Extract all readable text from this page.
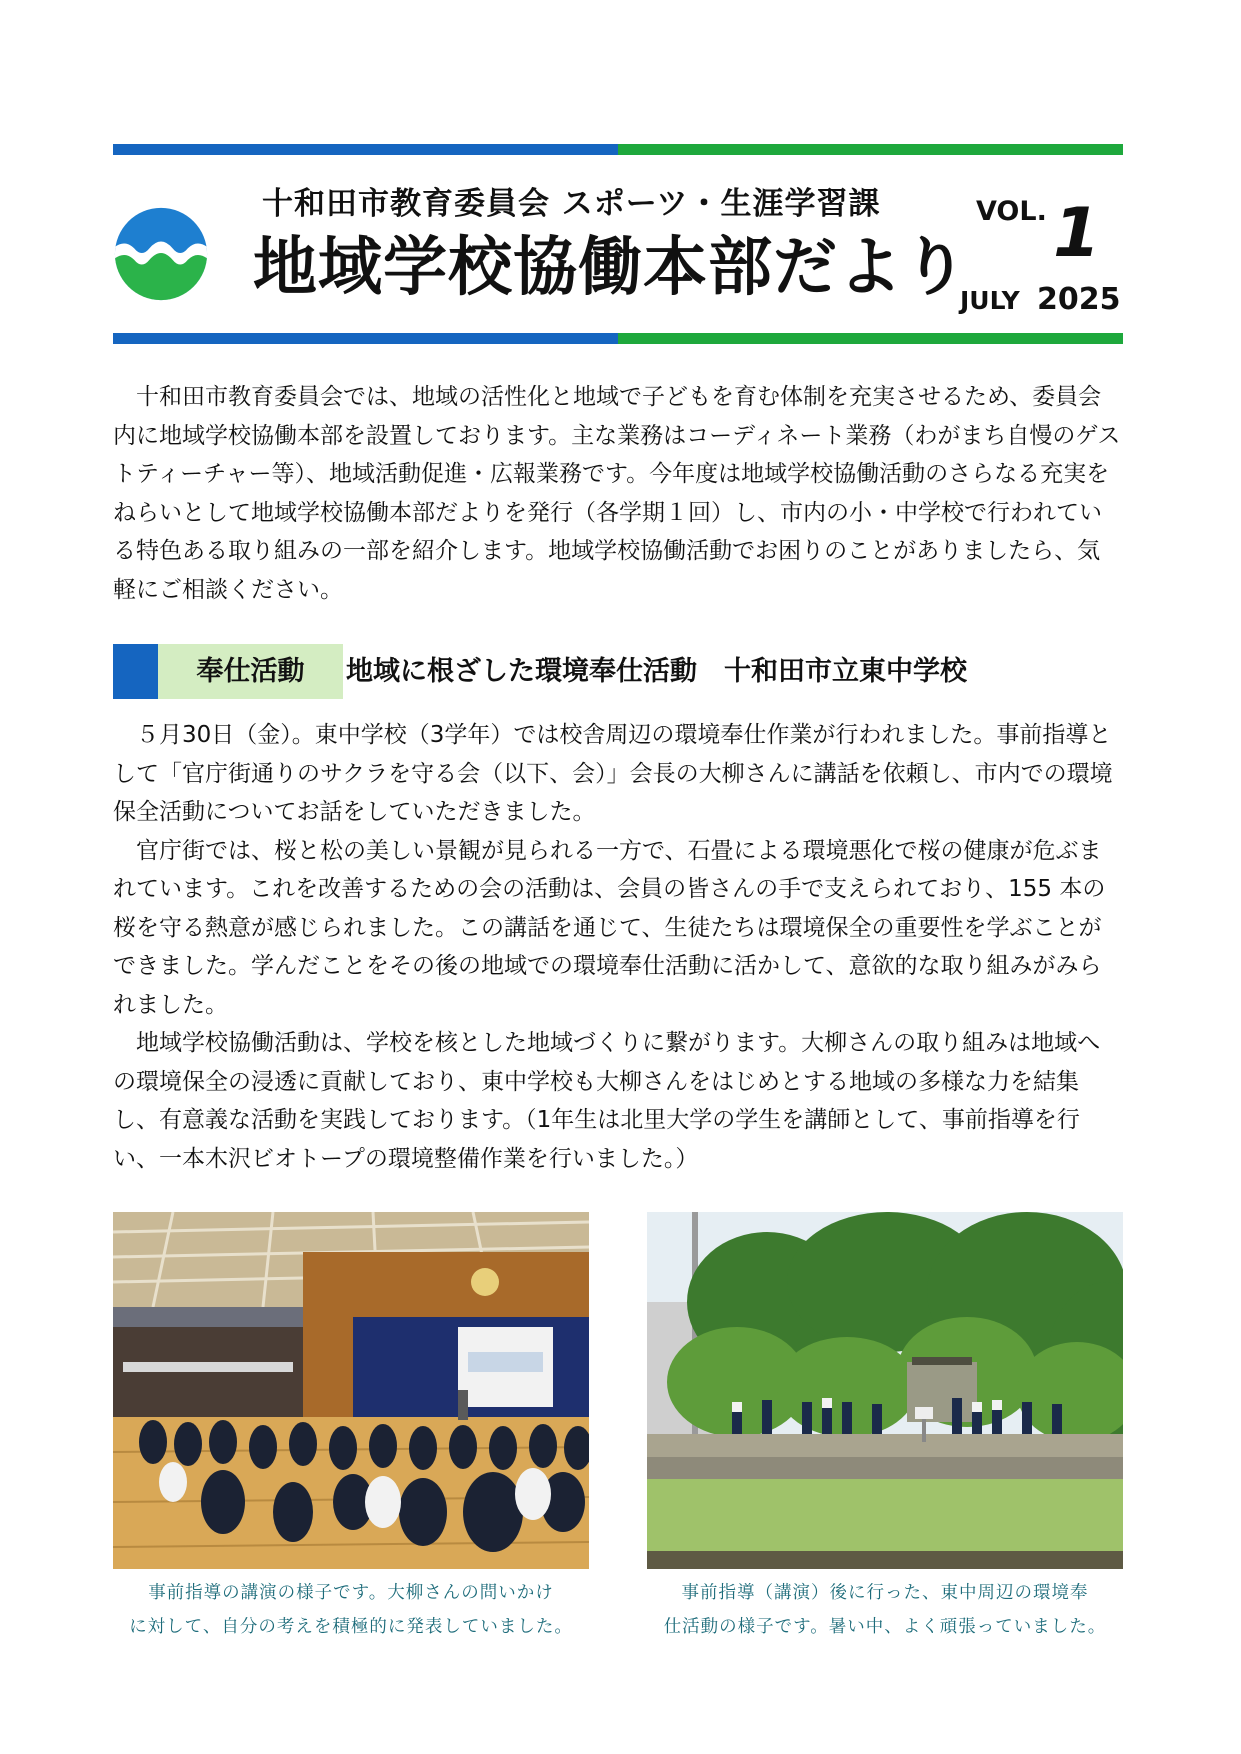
十和田市教育委員会 スポーツ・生涯学習課
地域学校協働本部だより
VOL. 1
JULY 2025

十和田市教育委員会では、地域の活性化と地域で子どもを育む体制を充実させるため、委員会内に地域学校協働本部を設置しております。主な業務はコーディネート業務（わがまち自慢のゲストティーチャー等）、地域活動促進・広報業務です。今年度は地域学校協働活動のさらなる充実をねらいとして地域学校協働本部だよりを発行（各学期１回）し、市内の小・中学校で行われている特色ある取り組みの一部を紹介します。地域学校協働活動でお困りのことがありましたら、気軽にご相談ください。

奉仕活動	地域に根ざした環境奉仕活動　十和田市立東中学校

５月30日（金）。東中学校（3学年）では校舎周辺の環境奉仕作業が行われました。事前指導として「官庁街通りのサクラを守る会（以下、会）」会長の大柳さんに講話を依頼し、市内での環境保全活動についてお話をしていただきました。

官庁街では、桜と松の美しい景観が見られる一方で、石畳による環境悪化で桜の健康が危ぶまれています。これを改善するための会の活動は、会員の皆さんの手で支えられており、155 本の桜を守る熱意が感じられました。この講話を通じて、生徒たちは環境保全の重要性を学ぶことができました。学んだことをその後の地域での環境奉仕活動に活かして、意欲的な取り組みがみられました。

地域学校協働活動は、学校を核とした地域づくりに繋がります。大柳さんの取り組みは地域への環境保全の浸透に貢献しており、東中学校も大柳さんをはじめとする地域の多様な力を結集し、有意義な活動を実践しております。（1年生は北里大学の学生を講師として、事前指導を行い、一本木沢ビオトープの環境整備作業を行いました。）

事前指導の講演の様子です。大柳さんの問いかけ
に対して、自分の考えを積極的に発表していました。
事前指導（講演）後に行った、東中周辺の環境奉
仕活動の様子です。暑い中、よく頑張っていました。
